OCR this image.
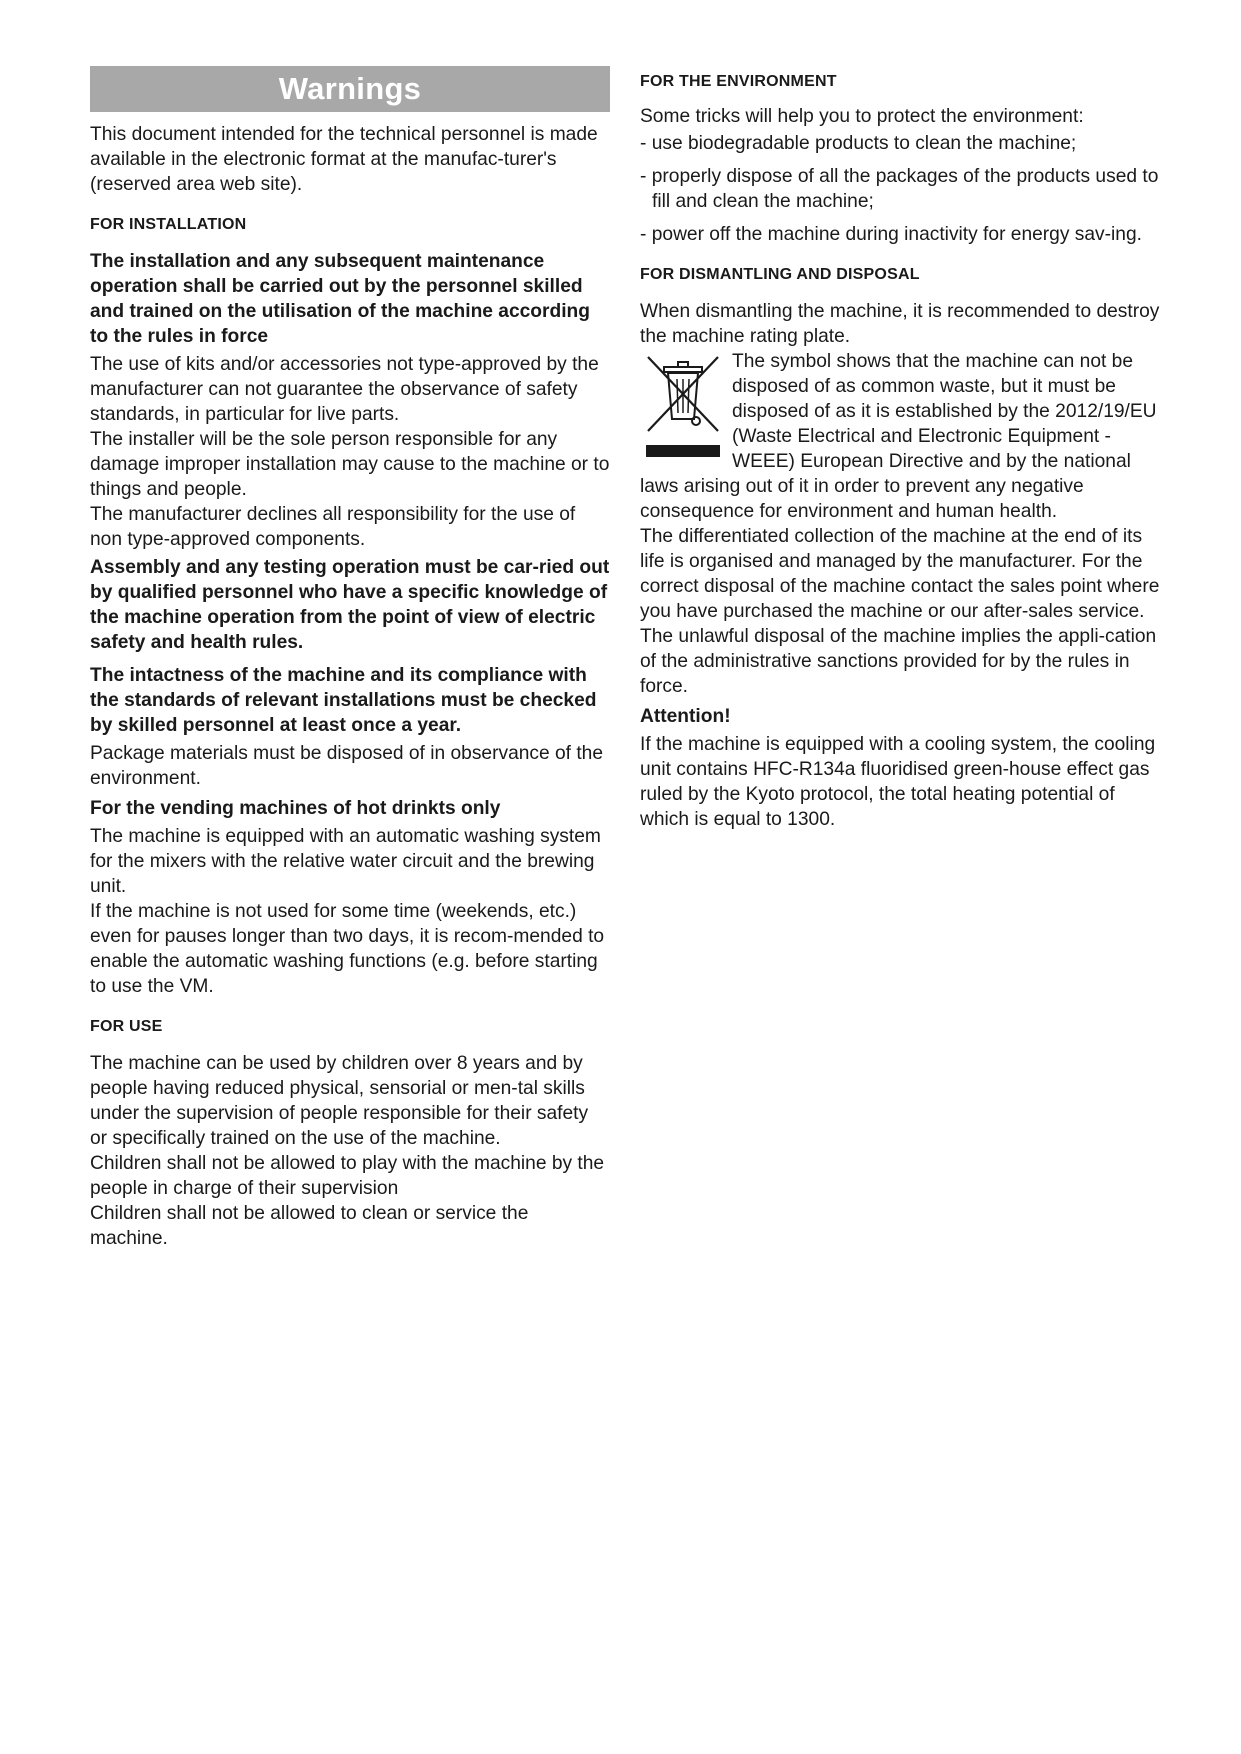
Warnings

This document intended for the technical personnel is made available in the electronic format at the manufac-turer's (reserved area web site).

FOR INSTALLATION

The installation and any subsequent maintenance operation shall be carried out by the personnel skilled and trained on the utilisation of the machine according to the rules in force

The use of kits and/or accessories not type-approved by the manufacturer can not guarantee the observance of safety standards, in particular for live parts.

The installer will be the sole person responsible for any damage improper installation may cause to the machine or to things and people.

The manufacturer declines all responsibility for the use of non type-approved components.

Assembly and any testing operation must be car-ried out by qualified personnel who have a specific knowledge of the machine operation from the point of view of electric safety and health rules.

The intactness of the machine and its compliance with the standards of relevant installations must be checked by skilled personnel at least once a year.

Package materials must be disposed of in observance of the environment.

For the vending machines of hot drinkts only

The machine is equipped with an automatic washing system for the mixers with the relative water circuit and the brewing unit.

If the machine is not used for some time (weekends, etc.) even for pauses longer than two days, it is recom-mended to enable the automatic washing functions (e.g. before starting to use the VM.

FOR USE

The machine can be used by children over 8 years and by people having reduced physical, sensorial or men-tal skills under the supervision of people responsible for their safety or specifically trained on the use of the machine.

Children shall not be allowed to play with the machine by the people in charge of their supervision

Children shall not be allowed to clean or service the machine.

FOR THE ENVIRONMENT

Some tricks will help you to protect the environment:

- use biodegradable products to clean the machine;

- properly dispose of all the packages of the products used to fill and clean the machine;

- power off the machine during inactivity for energy sav-ing.

FOR DISMANTLING AND DISPOSAL

When dismantling the machine, it is recommended to destroy the machine rating plate.

The symbol shows that the machine can not be disposed of as common waste, but it must be disposed of as it is established by the 2012/19/EU (Waste Electrical and Electronic Equipment - WEEE) European Directive and by the national laws arising out of it in order to prevent any negative consequence for environment and human health.

The differentiated collection of the machine at the end of its life is organised and managed by the manufacturer. For the correct disposal of the machine contact the sales point where you have purchased the machine or our after-sales service.

The unlawful disposal of the machine implies the appli-cation of the administrative sanctions provided for by the rules in force.

Attention!

If the machine is equipped with a cooling system, the cooling unit contains HFC-R134a fluoridised green-house effect gas

ruled by the Kyoto protocol, the total heating potential of which is equal to 1300.
